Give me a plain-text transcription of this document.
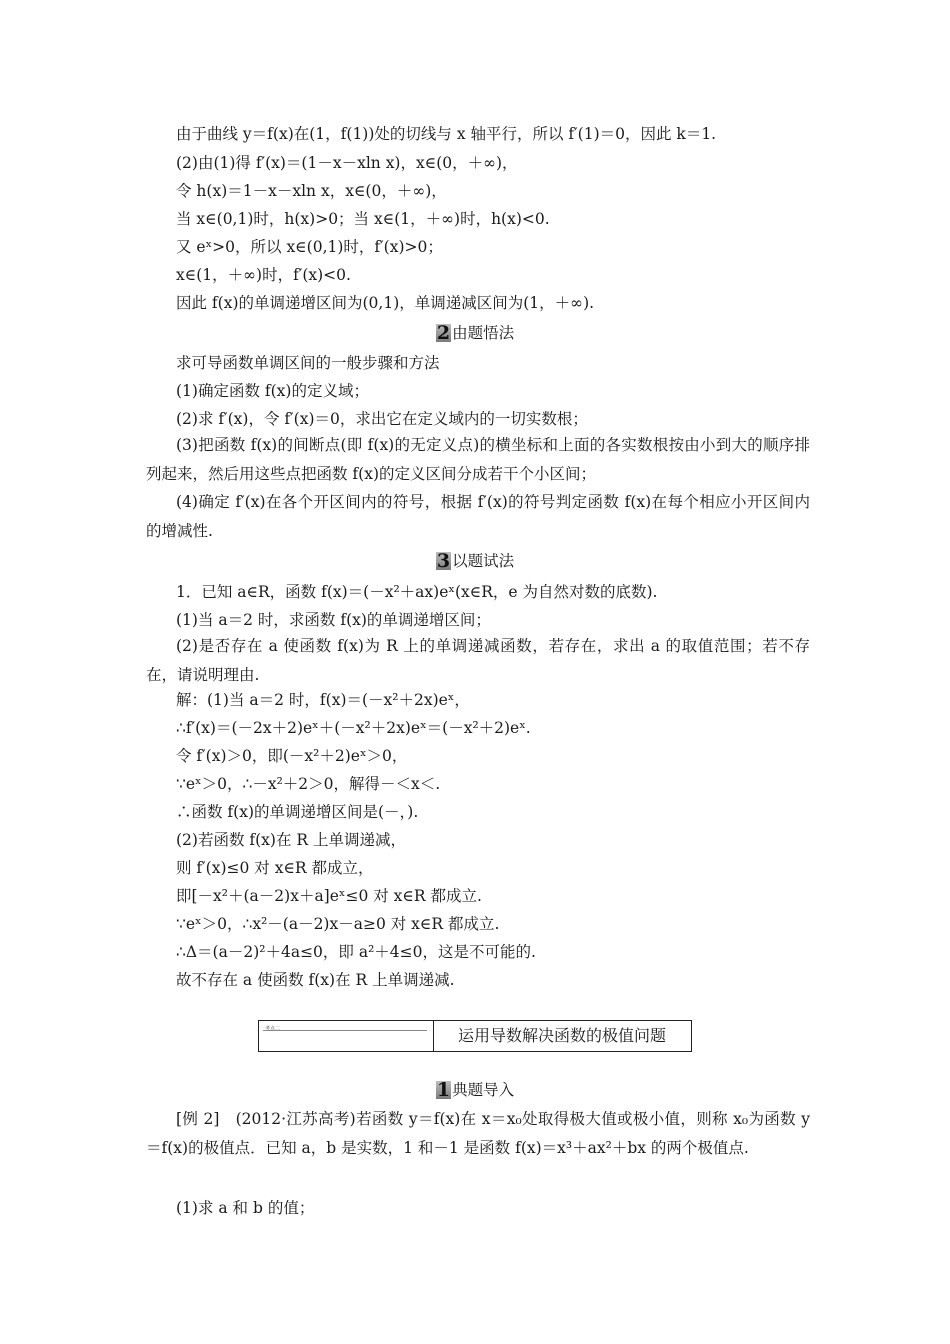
由于曲线 y＝f(x)在(1，f(1))处的切线与 x 轴平行，所以 f′(1)＝0，因此 k＝1.
(2)由(1)得 f′(x)＝(1－x－xln x)，x∈(0，＋∞)，
令 h(x)＝1－x－xln x，x∈(0，＋∞)，
当 x∈(0,1)时，h(x)>0；当 x∈(1，＋∞)时，h(x)<0.
又 eˣ>0，所以 x∈(0,1)时，f′(x)>0；
x∈(1，＋∞)时，f′(x)<0.
因此 f(x)的单调递增区间为(0,1)，单调递减区间为(1，＋∞).
2 由题悟法
求可导函数单调区间的一般步骤和方法
(1)确定函数 f(x)的定义域；
(2)求 f′(x)，令 f′(x)＝0，求出它在定义域内的一切实数根；
(3)把函数 f(x)的间断点(即 f(x)的无定义点)的横坐标和上面的各实数根按由小到大的顺序排列起来，然后用这些点把函数 f(x)的定义区间分成若干个小区间；
(4)确定 f′(x)在各个开区间内的符号，根据 f′(x)的符号判定函数 f(x)在每个相应小开区间内的增减性.
3 以题试法
1．已知 a∈R，函数 f(x)＝(－x²＋ax)eˣ(x∈R，e 为自然对数的底数).
(1)当 a＝2 时，求函数 f(x)的单调递增区间；
(2)是否存在 a 使函数 f(x)为 R 上的单调递减函数，若存在，求出 a 的取值范围；若不存在，请说明理由.
解：(1)当 a＝2 时，f(x)＝(－x²＋2x)eˣ，
∴f′(x)＝(－2x＋2)eˣ＋(－x²＋2x)eˣ＝(－x²＋2)eˣ.
令 f′(x)＞0，即(－x²＋2)eˣ＞0，
∵eˣ＞0，∴－x²＋2＞0，解得－＜x＜.
∴函数 f(x)的单调递增区间是(－，).
(2)若函数 f(x)在 R 上单调递减，
则 f′(x)≤0 对 x∈R 都成立，
即[－x²＋(a－2)x＋a]eˣ≤0 对 x∈R 都成立.
∵eˣ＞0，∴x²－(a－2)x－a≥0 对 x∈R 都成立.
∴Δ＝(a－2)²＋4a≤0，即 a²＋4≤0，这是不可能的.
故不存在 a 使函数 f(x)在 R 上单调递减.
考点二	运用导数解决函数的极值问题
1 典题导入
[例 2]　(2012·江苏高考)若函数 y＝f(x)在 x＝x₀处取得极大值或极小值，则称 x₀为函数 y＝f(x)的极值点．已知 a，b 是实数，1 和－1 是函数 f(x)＝x³＋ax²＋bx 的两个极值点.
(1)求 a 和 b 的值；
